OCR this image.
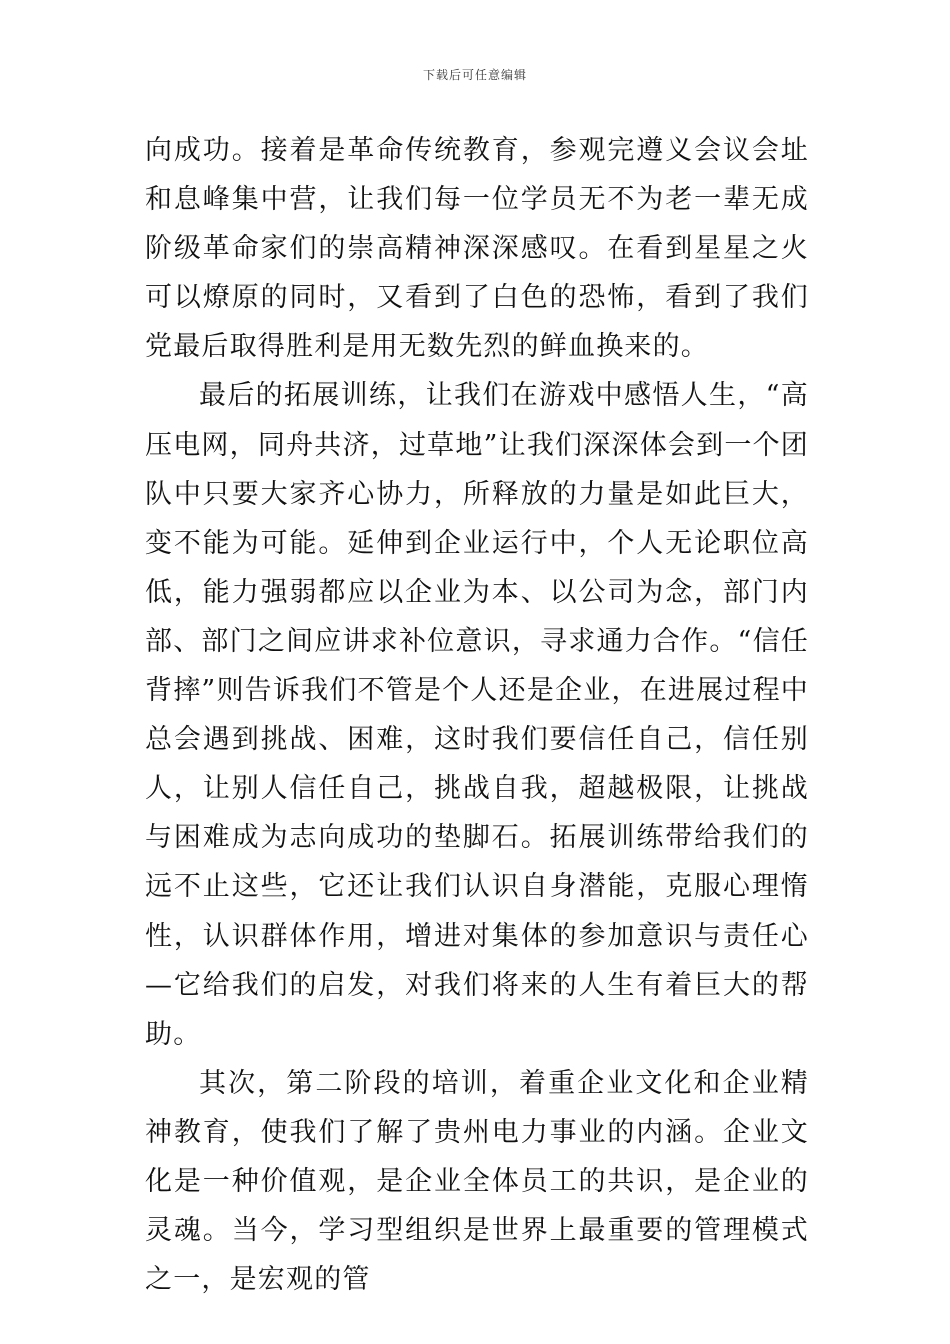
下载后可任意编辑

向成功。接着是革命传统教育，参观完遵义会议会址和息峰集中营，让我们每一位学员无不为老一辈无成阶级革命家们的崇高精神深深感叹。在看到星星之火可以燎原的同时，又看到了白色的恐怖，看到了我们党最后取得胜利是用无数先烈的鲜血换来的。

最后的拓展训练，让我们在游戏中感悟人生，“高压电网，同舟共济，过草地”让我们深深体会到一个团队中只要大家齐心协力，所释放的力量是如此巨大，变不能为可能。延伸到企业运行中，个人无论职位高低，能力强弱都应以企业为本、以公司为念，部门内部、部门之间应讲求补位意识，寻求通力合作。“信任背摔”则告诉我们不管是个人还是企业，在进展过程中总会遇到挑战、困难，这时我们要信任自己，信任别人，让别人信任自己，挑战自我，超越极限，让挑战与困难成为志向成功的垫脚石。拓展训练带给我们的远不止这些，它还让我们认识自身潜能，克服心理惰性，认识群体作用，增进对集体的参加意识与责任心—它给我们的启发，对我们将来的人生有着巨大的帮助。

其次，第二阶段的培训，着重企业文化和企业精神教育，使我们了解了贵州电力事业的内涵。企业文化是一种价值观，是企业全体员工的共识，是企业的灵魂。当今，学习型组织是世界上最重要的管理模式之一，是宏观的管
